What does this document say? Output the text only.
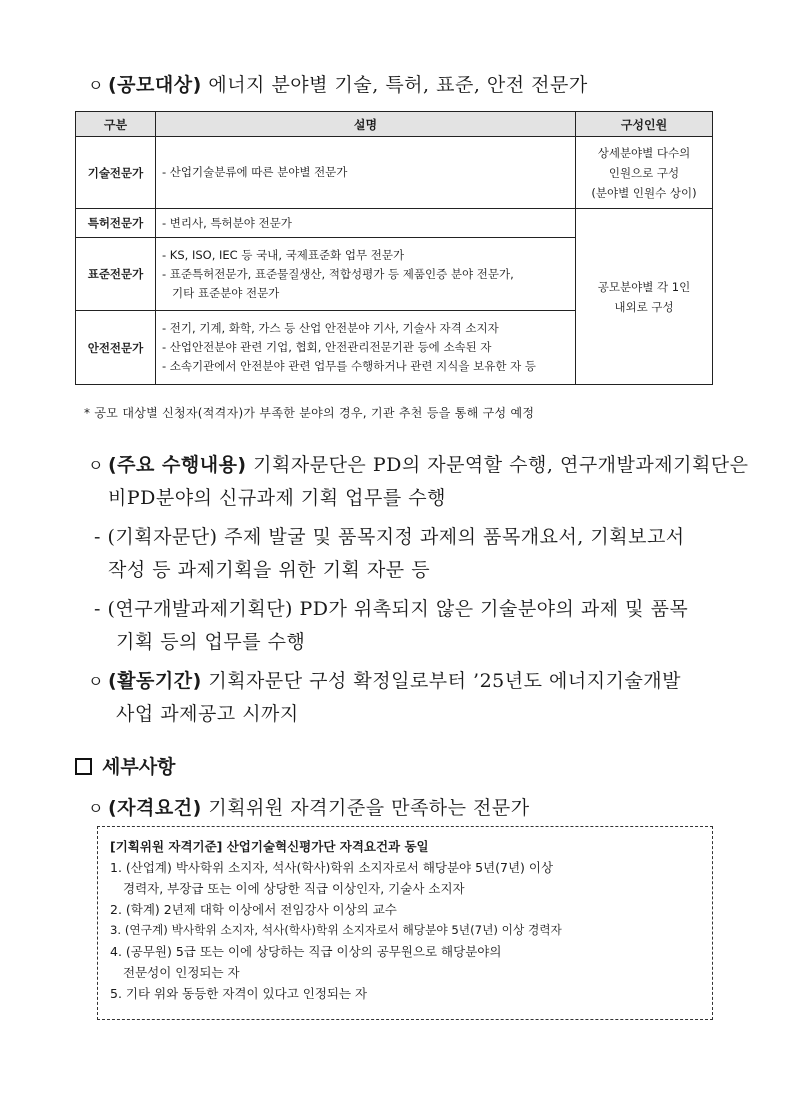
ㅇ (공모대상) 에너지 분야별 기술, 특허, 표준, 안전 전문가
구분	설명	구성인원
기술전문가	- 산업기술분류에 따른 분야별 전문가	상세분야별 다수의
인원으로 구성
(분야별 인원수 상이)

특허전문가	- 변리사, 특허분야 전문가	공모분야별 각 1인
내외로 구성

표준전문가	- KS, ISO, IEC 등 국내, 국제표준화 업무 전문가
- 표준특허전문가, 표준물질생산, 적합성평가 등 제품인증 분야 전문가,
기타 표준분야 전문가	

안전전문가	- 전기, 기계, 화학, 가스 등 산업 안전분야 기사, 기술사 자격 소지자
- 산업안전분야 관련 기업, 협회, 안전관리전문기관 등에 소속된 자
- 소속기관에서 안전분야 관련 업무를 수행하거나 관련 지식을 보유한 자 등	
* 공모 대상별 신청자(적격자)가 부족한 분야의 경우, 기관 추천 등을 통해 구성 예정
ㅇ (주요 수행내용) 기획자문단은 PD의 자문역할 수행, 연구개발과제기획단은
비PD분야의 신규과제 기획 업무를 수행
- (기획자문단) 주제 발굴 및 품목지정 과제의 품목개요서, 기획보고서
작성 등 과제기획을 위한 기획 자문 등
- (연구개발과제기획단) PD가 위촉되지 않은 기술분야의 과제 및 품목
기획 등의 업무를 수행
ㅇ (활동기간) 기획자문단 구성 확정일로부터 ’25년도 에너지기술개발
사업 과제공고 시까지
세부사항
ㅇ (자격요건) 기획위원 자격기준을 만족하는 전문가
[기획위원 자격기준] 산업기술혁신평가단 자격요건과 동일
1. (산업계) 박사학위 소지자, 석사(학사)학위 소지자로서 해당분야 5년(7년) 이상
경력자, 부장급 또는 이에 상당한 직급 이상인자, 기술사 소지자
2. (학계) 2년제 대학 이상에서 전임강사 이상의 교수
3. (연구계) 박사학위 소지자, 석사(학사)학위 소지자로서 해당분야 5년(7년) 이상 경력자
4. (공무원) 5급 또는 이에 상당하는 직급 이상의 공무원으로 해당분야의
전문성이 인정되는 자
5. 기타 위와 동등한 자격이 있다고 인정되는 자
